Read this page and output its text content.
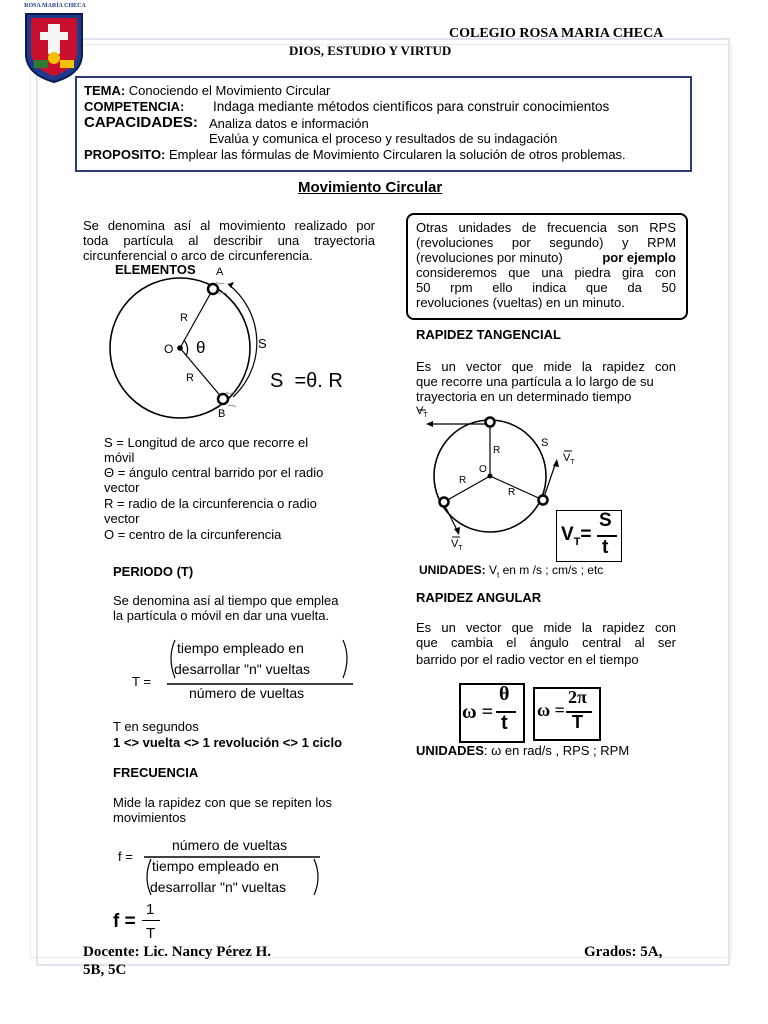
ROSA MARÍA CHECA
COLEGIO ROSA MARIA CHECA
DIOS, ESTUDIO Y VIRTUD
TEMA: Conociendo el Movimiento Circular
COMPETENCIA: Indaga mediante métodos científicos para construir conocimientos
CAPACIDADES: Analiza datos e información
Evalúa y comunica el proceso y resultados de su indagación
PROPOSITO: Emplear las fórmulas de Movimiento Circularen la solución de otros problemas.
Movimiento Circular
Se denomina así al movimiento realizado por
toda partícula al describir una trayectoria
circunferencial o arco de circunferencia.
ELEMENTOS A
B
O
R
R
S
θ
S  =θ. R
S = Longitud de arco que recorre el
móvil
Θ = ángulo central barrido por el radio
vector
R = radio de la circunferencia o radio
vector
O = centro de la circunferencia
PERIODO (T)
Se denomina así al tiempo que emplea
la partícula o móvil en dar una vuelta.
T =
tiempo empleado en
desarrollar "n" vueltas
número de vueltas
T en segundos
1 <> vuelta <> 1 revolución <> 1 ciclo
FRECUENCIA
Mide la rapidez con que se repiten los
movimientos
f =
número de vueltas
tiempo empleado en
desarrollar "n" vueltas
f =
1
T
Otras unidades de frecuencia son RPS
(revoluciones por segundo) y RPM
(revoluciones por minuto)	por ejemplo
consideremos que una piedra gira con
50 rpm ello indica que da 50
revoluciones (vueltas) en un minuto.
RAPIDEZ TANGENCIAL
Es un vector que mide la rapidez con
que recorre una partícula a lo largo de su
trayectoria en un determinado tiempo
$V_T$
$V_T$
$V_T$
O
R
R
R
S
$V_T=$
S
t
UNIDADES: $V_t$ en m /s ; cm/s ; etc
RAPIDEZ ANGULAR
Es un vector que mide la rapidez con
que cambia el ángulo central al ser
barrido por el radio vector en el tiempo
ω =
θ
t
ω =
2π
T
UNIDADES: ω en rad/s , RPS ; RPM
Docente: Lic. Nancy Pérez H.	Grados: 5A,
5B, 5C
